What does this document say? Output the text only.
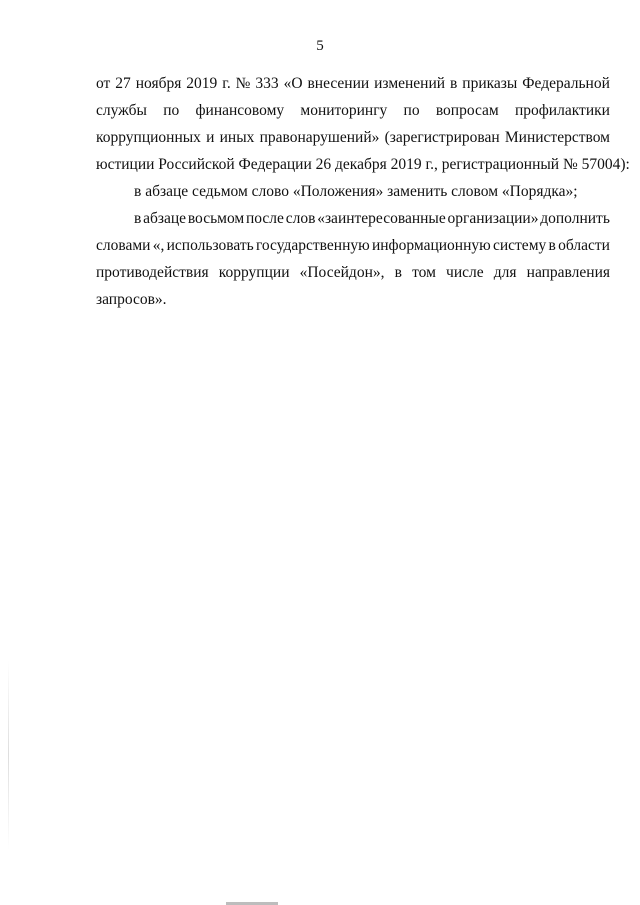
5
от 27 ноября 2019 г. № 333 «О внесении изменений в приказы Федеральной
службы по финансовому мониторингу по вопросам профилактики
коррупционных и иных правонарушений» (зарегистрирован Министерством
юстиции Российской Федерации 26 декабря 2019 г., регистрационный № 57004):
в абзаце седьмом слово «Положения» заменить словом «Порядка»;
в абзаце восьмом после слов «заинтересованные организации» дополнить
словами «, использовать государственную информационную систему в области
противодействия коррупции «Посейдон», в том числе для направления
запросов».
